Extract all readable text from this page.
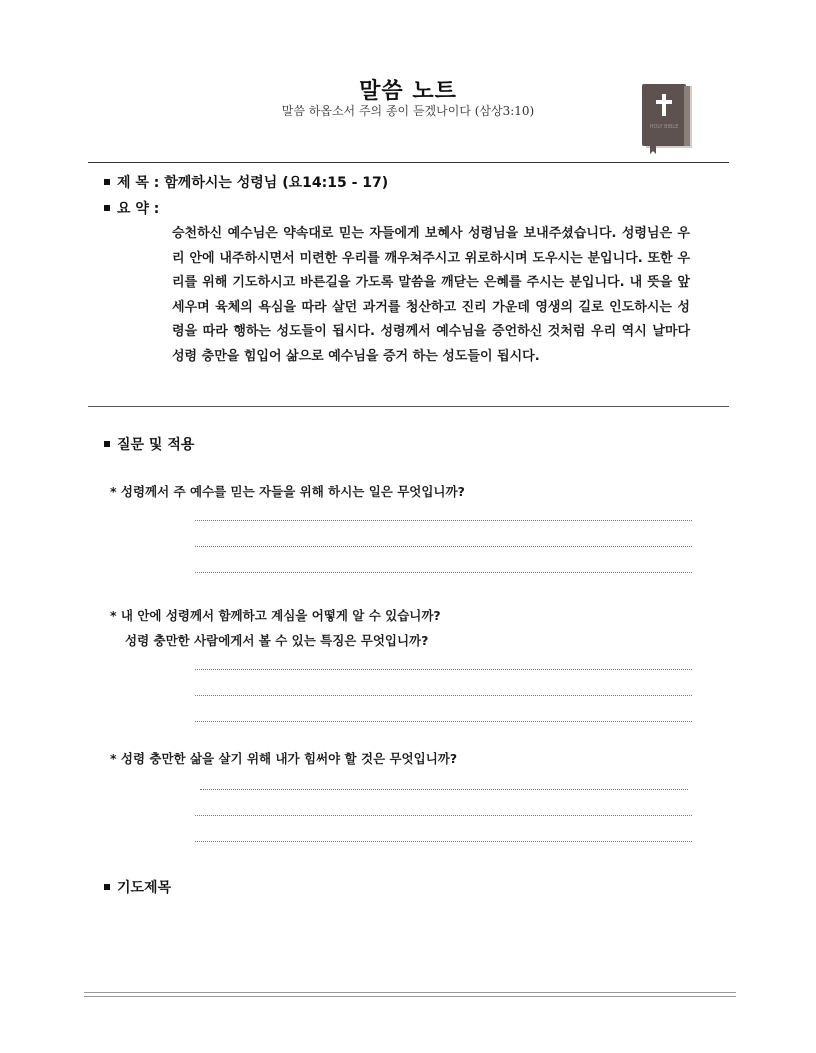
말씀 노트
말씀 하옵소서 주의 종이 듣겠나이다 (삼상3:10)
HOLY BIBLE
제 목 : 함께하시는 성령님 (요14:15 - 17)
요 약 :
승천하신 예수님은 약속대로 믿는 자들에게 보혜사 성령님을 보내주셨습니다. 성령님은 우리 안에 내주하시면서 미련한 우리를 깨우쳐주시고 위로하시며 도우시는 분입니다. 또한 우리를 위해 기도하시고 바른길을 가도록 말씀을 깨닫는 은혜를 주시는 분입니다. 내 뜻을 앞세우며 육체의 욕심을 따라 살던 과거를 청산하고 진리 가운데 영생의 길로 인도하시는 성령을 따라 행하는 성도들이 됩시다. 성령께서 예수님을 증언하신 것처럼 우리 역시 날마다 성령 충만을 힘입어 삶으로 예수님을 증거 하는 성도들이 됩시다.
질문 및 적용
* 성령께서 주 예수를 믿는 자들을 위해 하시는 일은 무엇입니까?
* 내 안에 성령께서 함께하고 계심을 어떻게 알 수 있습니까?
성령 충만한 사람에게서 볼 수 있는 특징은 무엇입니까?
* 성령 충만한 삶을 살기 위해 내가 힘써야 할 것은 무엇입니까?
기도제목
